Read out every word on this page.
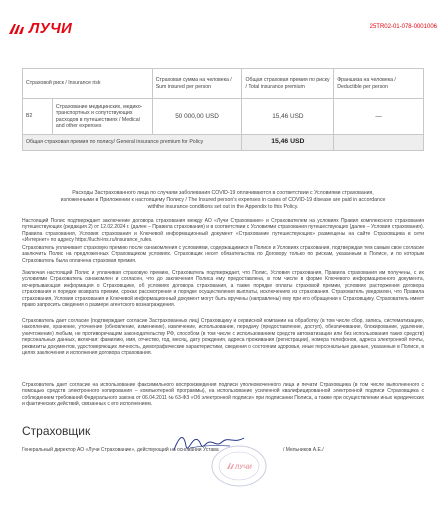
ЛУЧИ	25TR02-01-078-0001006
Страховой риск / Insurance risk		Страховая сумма на человека / Sum insured per person	Общая страховая премия по риску / Total insurance premium	Франшиза на человека / Deductible per person
В2	Страхование медицинских, медико-транспортных и сопутствующих расходов в путешествиях / Medical and other expenses	50 000,00 USD	15,46 USD	—
Общая страховая премия по полису/ General insurance premium for Policy			15,46 USD	
Расходы Застрахованного лица по случаям заболевания COVID-19 оплачиваются в соответствии с Условиями страхования, изложенными в Приложении к настоящему Полису / The Insured person's expenses in cases of COVID-19 disease are paid in accordance withthe insurance conditions set out in the Appendix to this Policy.

Настоящий Полис подтверждает заключение договора страхования между АО «Лучи Страхование» и Страхователем на условиях Правил комплексного страхования путешествующих (редакция 2) от 12.02.2024 г. (далее – Правила страхования) и в соответствии с Условиями страхования путешествующих (далее – Условия страхования). Правила страхования, Условия страхования и Ключевой информационный документ «Страхование путешествующих» размещены на сайте Страховщика в сети «Интернет» по адресу https://luchi-ins.ru/insurance_rules.

Страхователь уплачивает страховую премию после ознакомления с условиями, содержащимися в Полисе и Условиях страхования, подтверждая тем самым свое согласие заключить Полис на предложенных Страховщиком условиях. Страховщик несет обязательства по Договору только по рискам, указанным в Полисе, и по которым Страхователь была оплачена страховая премия.

Заключая настоящий Полис и уплачивая страховую премию, Страхователь подтверждает, что Полис, Условия страхования, Правила страхования им получены, с их условиями Страхователь ознакомлен и согласен, что до заключения Полиса ему предоставлена, в том числе в форме Ключевого информационного документа, исчерпывающая информация о Страховщике, об условиях договора страхования, а также порядке оплаты страховой премии, условиях расторжения договора страхования и порядке возврата премии, сроках рассмотрения и порядке осуществления выплаты, исключениях из страхования. Страхователь уведомлен, что Правила страхования, Условия страхования и Ключевой информационный документ могут быть вручены (направлены) ему при его обращении к Страховщику. Страхователь имеет право запросить сведения о размере агентского вознаграждения.

Страхователь дает согласие (подтверждает согласие Застрахованных лиц) Страховщику и сервисной компании на обработку (в том числе сбор, запись, систематизацию, накопление, хранение, уточнение (обновление, изменение), извлечение, использование, передачу (предоставление, доступ), обезличивание, блокирование, удаление, уничтожение) любым, не противоречащим законодательству РФ, способом (в том числе с использованием средств автоматизации или без использования таких средств) персональных данных, включая: фамилию, имя, отчество, год, месяц, дату рождения, адреса проживания (регистрации), номера телефонов, адреса электронной почты, реквизиты документов, удостоверяющих личность, демографические характеристики, сведения о состоянии здоровья, иные персональные данные, указанные в Полисе, в целях заключения и исполнения договора страхования.

Страхователь дает согласие на использование факсимильного воспроизведения подписи уполномоченного лица и печати Страховщика (в том числе выполненного с помощью средств электронного копирования – компьютерной программы), на использование усиленной квалифицированной электронной подписи Страховщика с соблюдением требований Федерального закона от 06.04.2011 № 63-ФЗ «Об электронной подписи» при подписании Полиса, а также при осуществлении иных юридических и фактических действий, связанных с его исполнением.

Страховщик
Генеральный директор АО «Лучи Страхование», действующий на основании Устава
ЛУЧИ
/ Мельников А.Е./
